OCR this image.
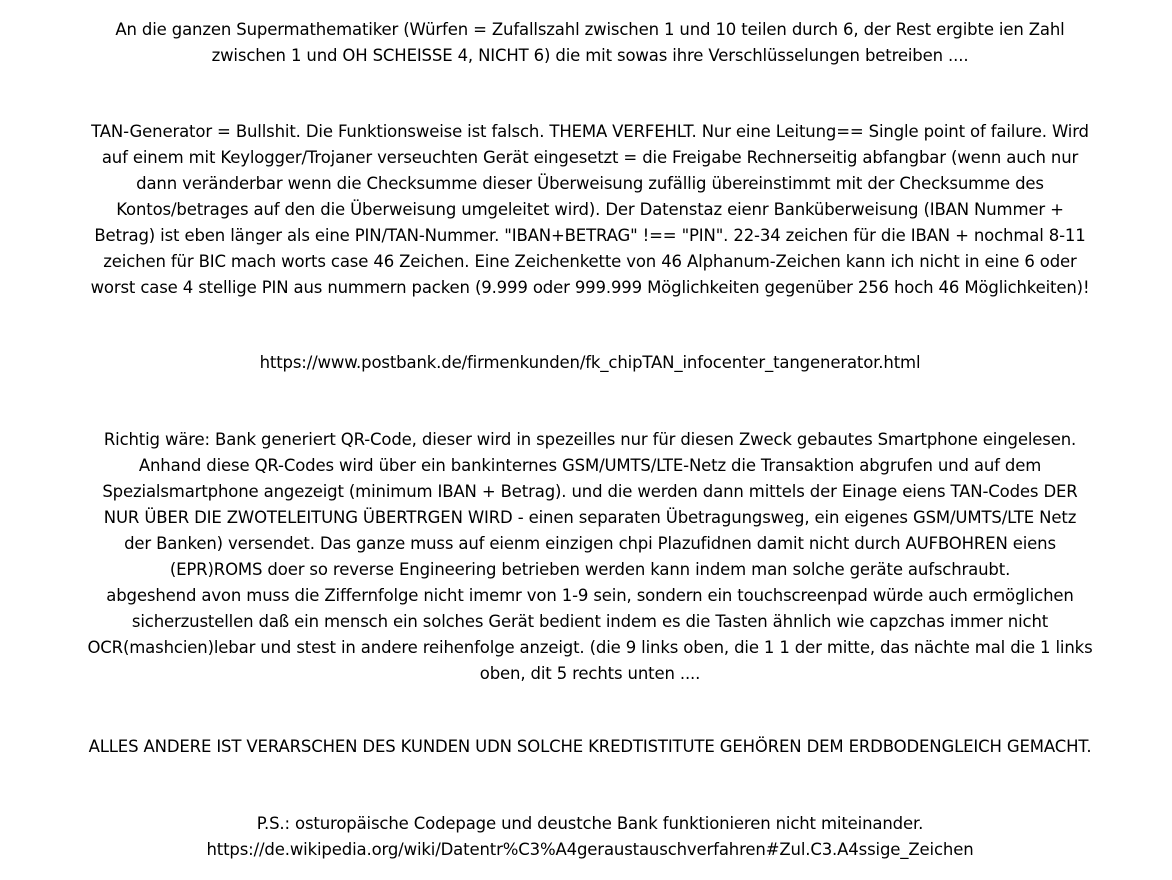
An die ganzen Supermathematiker (Würfen = Zufallszahl zwischen 1 und 10 teilen durch 6, der Rest ergibte ien Zahl
zwischen 1 und OH SCHEISSE 4, NICHT 6) die mit sowas ihre Verschlüsselungen betreiben ....

TAN-Generator = Bullshit. Die Funktionsweise ist falsch. THEMA VERFEHLT. Nur eine Leitung== Single point of failure. Wird
auf einem mit Keylogger/Trojaner verseuchten Gerät eingesetzt = die Freigabe Rechnerseitig abfangbar (wenn auch nur
dann veränderbar wenn die Checksumme dieser Überweisung zufällig übereinstimmt mit der Checksumme des
Kontos/betrages auf den die Überweisung umgeleitet wird). Der Datenstaz eienr Banküberweisung (IBAN Nummer +
Betrag) ist eben länger als eine PIN/TAN-Nummer. "IBAN+BETRAG" !== "PIN". 22-34 zeichen für die IBAN + nochmal 8-11
zeichen für BIC mach worts case 46 Zeichen. Eine Zeichenkette von 46 Alphanum-Zeichen kann ich nicht in eine 6 oder
worst case 4 stellige PIN aus nummern packen (9.999 oder 999.999 Möglichkeiten gegenüber 256 hoch 46 Möglichkeiten)!

https://www.postbank.de/firmenkunden/fk_chipTAN_infocenter_tangenerator.html

Richtig wäre: Bank generiert QR-Code, dieser wird in spezeilles nur für diesen Zweck gebautes Smartphone eingelesen.
Anhand diese QR-Codes wird über ein bankinternes GSM/UMTS/LTE-Netz die Transaktion abgrufen und auf dem
Spezialsmartphone angezeigt (minimum IBAN + Betrag). und die werden dann mittels der Einage eiens TAN-Codes DER
NUR ÜBER DIE ZWOTELEITUNG ÜBERTRGEN WIRD - einen separaten Übetragungsweg, ein eigenes GSM/UMTS/LTE Netz
der Banken) versendet. Das ganze muss auf eienm einzigen chpi Plazufidnen damit nicht durch AUFBOHREN eiens
(EPR)ROMS doer so reverse Engineering betrieben werden kann indem man solche geräte aufschraubt.
abgeshend avon muss die Ziffernfolge nicht imemr von 1-9 sein, sondern ein touchscreenpad würde auch ermöglichen
sicherzustellen daß ein mensch ein solches Gerät bedient indem es die Tasten ähnlich wie capzchas immer nicht
OCR(mashcien)lebar und stest in andere reihenfolge anzeigt. (die 9 links oben, die 1 1 der mitte, das nächte mal die 1 links
oben, dit 5 rechts unten ....

ALLES ANDERE IST VERARSCHEN DES KUNDEN UDN SOLCHE KREDTISTITUTE GEHÖREN DEM ERDBODENGLEICH GEMACHT.

P.S.: osturopäische Codepage und deustche Bank funktionieren nicht miteinander.
https://de.wikipedia.org/wiki/Datentr%C3%A4geraustauschverfahren#Zul.C3.A4ssige_Zeichen
